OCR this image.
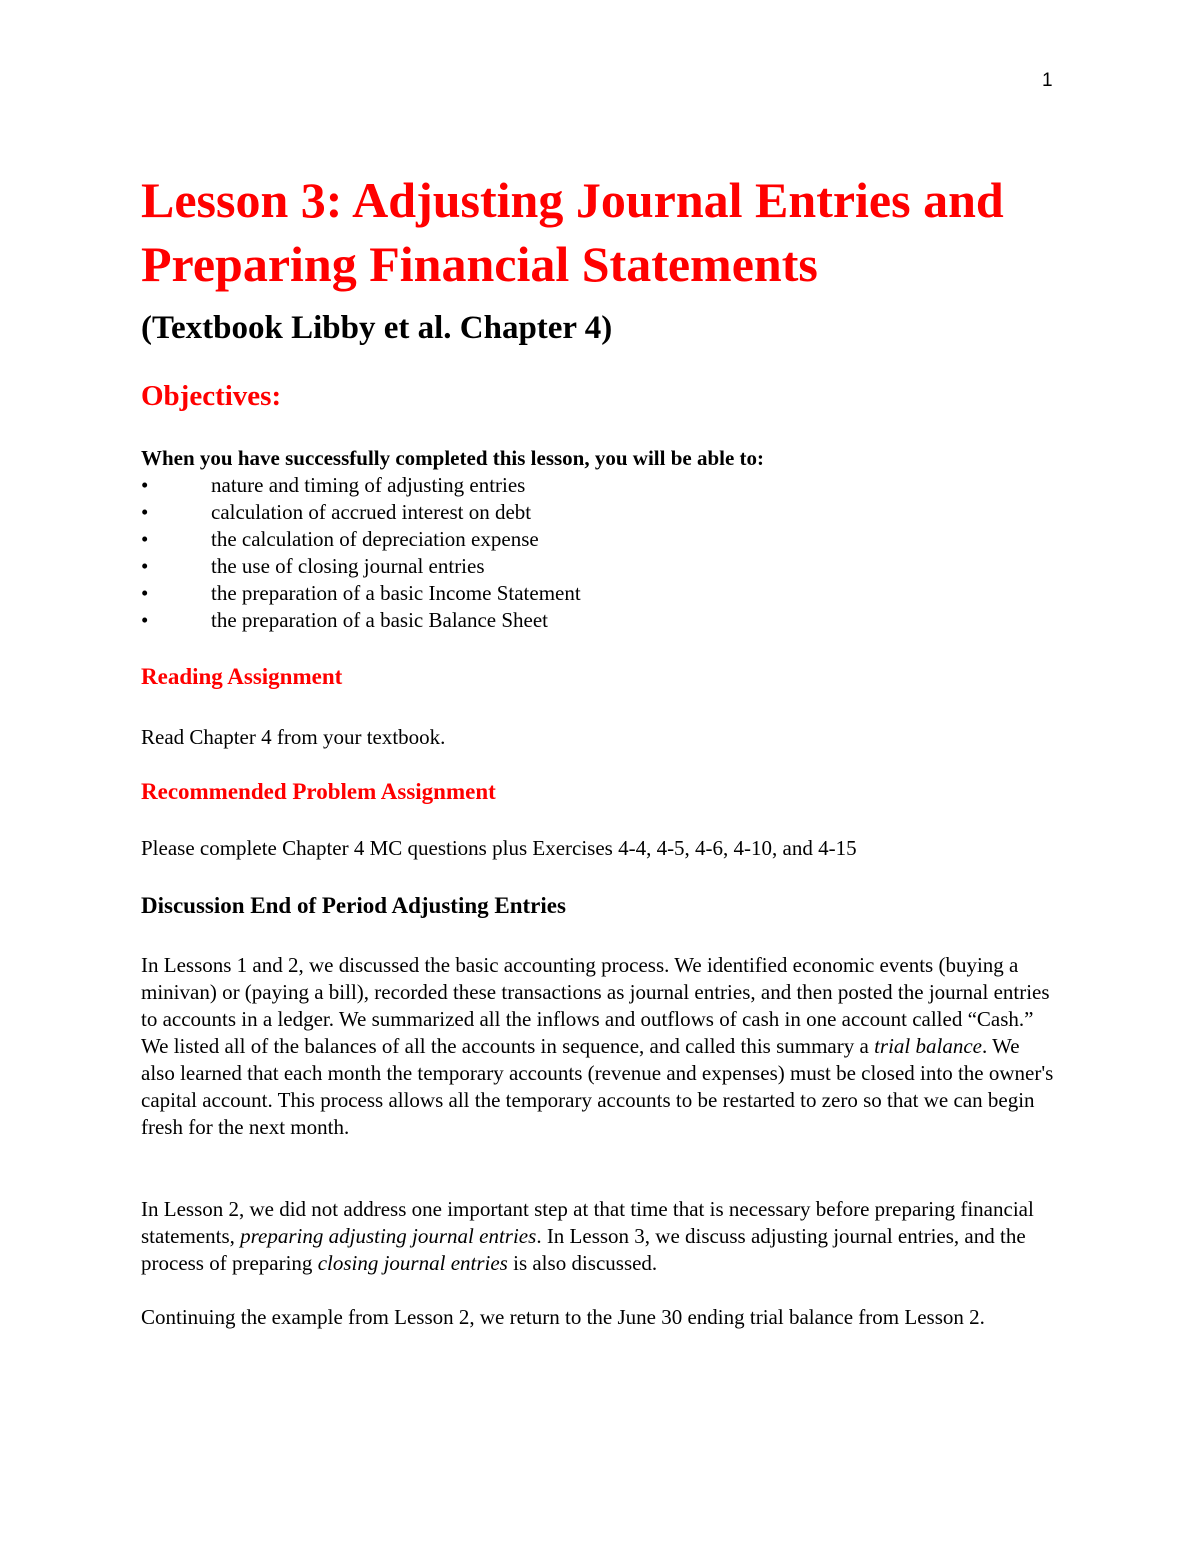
1
Lesson 3: Adjusting Journal Entries and
Preparing Financial Statements
(Textbook Libby et al. Chapter 4)
Objectives:

When you have successfully completed this lesson, you will be able to:

•	nature and timing of adjusting entries
•	calculation of accrued interest on debt
•	the calculation of depreciation expense
•	the use of closing journal entries
•	the preparation of a basic Income Statement
•	the preparation of a basic Balance Sheet
Reading Assignment

Read Chapter 4 from your textbook.

Recommended Problem Assignment

Please complete Chapter 4 MC questions plus Exercises 4-4, 4-5, 4-6, 4-10, and 4-15

Discussion End of Period Adjusting Entries

In Lessons 1 and 2, we discussed the basic accounting process. We identified economic events (buying a minivan) or (paying a bill), recorded these transactions as journal entries, and then posted the journal entries to accounts in a ledger. We summarized all the inflows and outflows of cash in one account called “Cash.” We listed all of the balances of all the accounts in sequence, and called this summary a trial balance. We also learned that each month the temporary accounts (revenue and expenses) must be closed into the owner's capital account. This process allows all the temporary accounts to be restarted to zero so that we can begin fresh for the next month.

In Lesson 2, we did not address one important step at that time that is necessary before preparing financial statements, preparing adjusting journal entries. In Lesson 3, we discuss adjusting journal entries, and the process of preparing closing journal entries is also discussed.

Continuing the example from Lesson 2, we return to the June 30 ending trial balance from Lesson 2.
